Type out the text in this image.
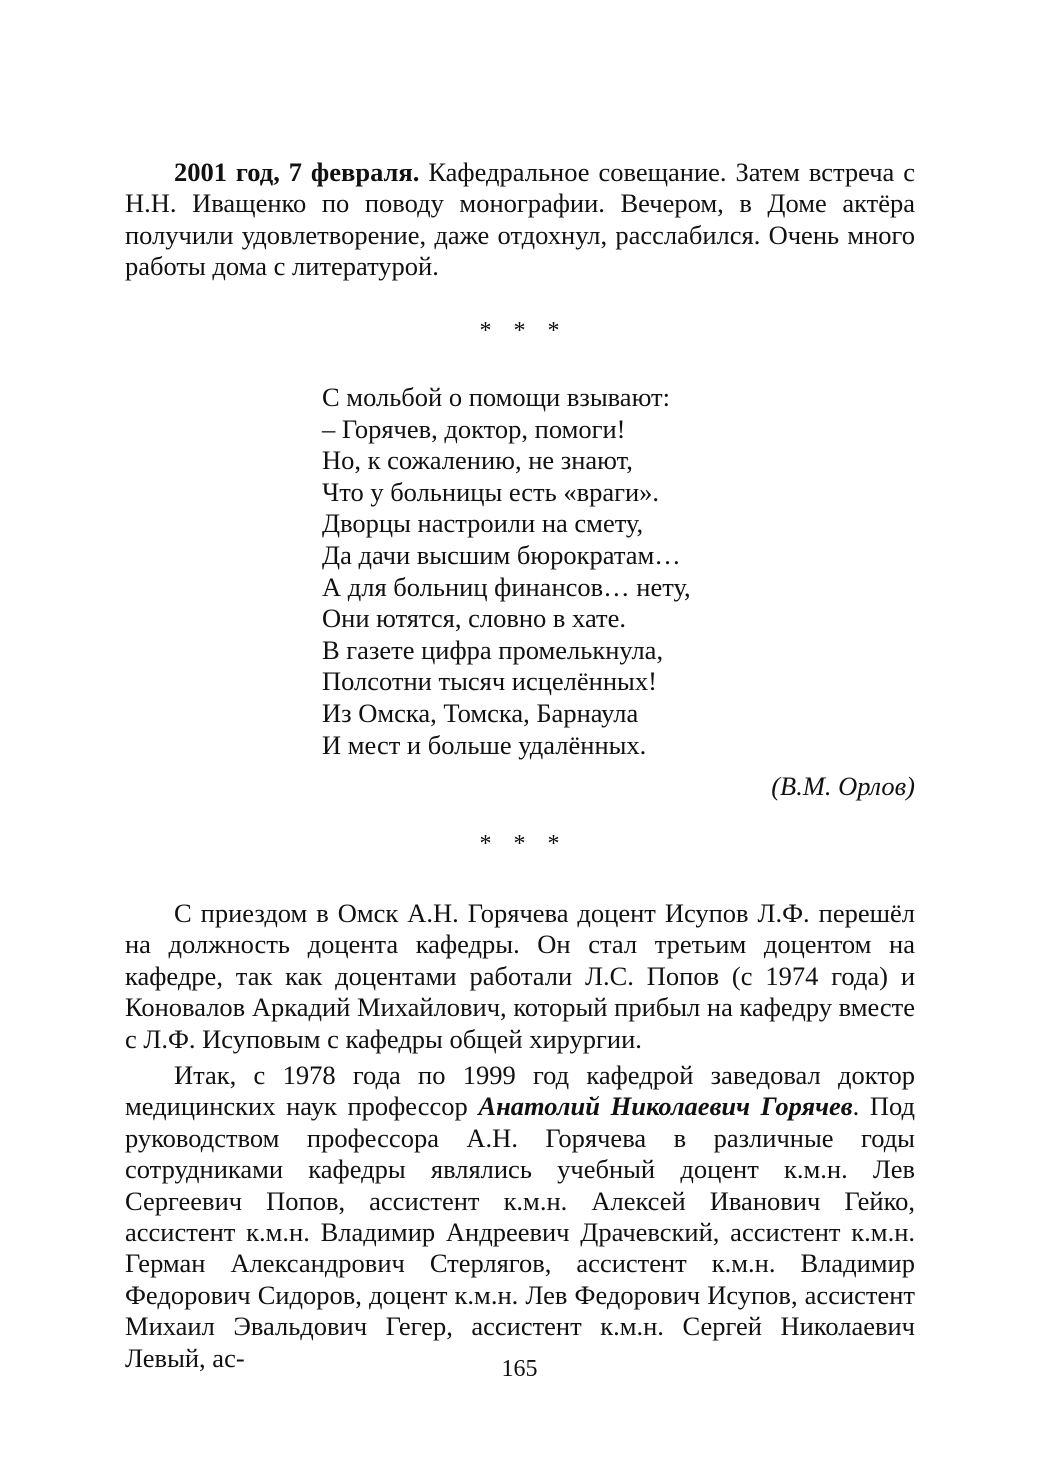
2001 год, 7 февраля. Кафедральное совещание. Затем встреча с Н.Н. Иващенко по поводу монографии. Вечером, в Доме актёра получили удовлетворение, даже отдохнул, расслабился. Очень много работы дома с литературой.

* * *

С мольбой о помощи взывают:
– Горячев, доктор, помоги!
Но, к сожалению, не знают,
Что у больницы есть «враги».
Дворцы настроили на смету,
Да дачи высшим бюрократам…
А для больниц финансов… нету,
Они ютятся, словно в хате.
В газете цифра промелькнула,
Полсотни тысяч исцелённых!
Из Омска, Томска, Барнаула
И мест и больше удалённых.

(В.М. Орлов)

* * *

С приездом в Омск А.Н. Горячева доцент Исупов Л.Ф. перешёл на должность доцента кафедры. Он стал третьим доцентом на кафедре, так как доцентами работали Л.С. Попов (с 1974 года) и Коновалов Аркадий Михайлович, который прибыл на кафедру вместе с Л.Ф. Исуповым с кафедры общей хирургии.

Итак, с 1978 года по 1999 год кафедрой заведовал доктор медицинских наук профессор Анатолий Николаевич Горячев. Под руководством профессора А.Н. Горячева в различные годы сотрудниками кафедры являлись учебный доцент к.м.н. Лев Сергеевич Попов, ассистент к.м.н. Алексей Иванович Гейко, ассистент к.м.н. Владимир Андреевич Драчевский, ассистент к.м.н. Герман Александрович Стерлягов, ассистент к.м.н. Владимир Федорович Сидоров, доцент к.м.н. Лев Федорович Исупов, ассистент Михаил Эвальдович Гегер, ассистент к.м.н. Сергей Николаевич Левый, ас-	165
